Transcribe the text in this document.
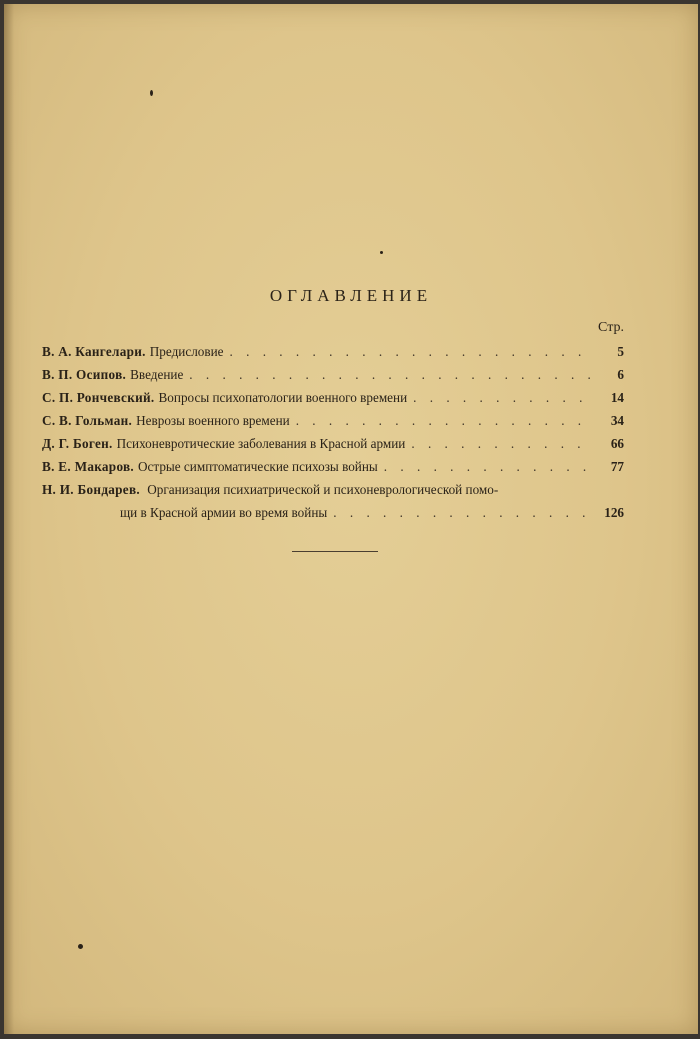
ОГЛАВЛЕНИЕ
Стр.
В. А. Кангелари. Предисловие . . .	5
В. П. Осипов. Введение . . .	6
С. П. Рончевский. Вопросы психопатологии военного времени . . .	14
С. В. Гольман. Неврозы военного времени . . .	34
Д. Г. Боген. Психоневротические заболевания в Красной армии . . .	66
В. Е. Макаров. Острые симптоматические психозы войны . . .	77
Н. И. Бондарев. Организация психиатрической и психоневрологической помо-
щи в Красной армии во время войны . . .	126
